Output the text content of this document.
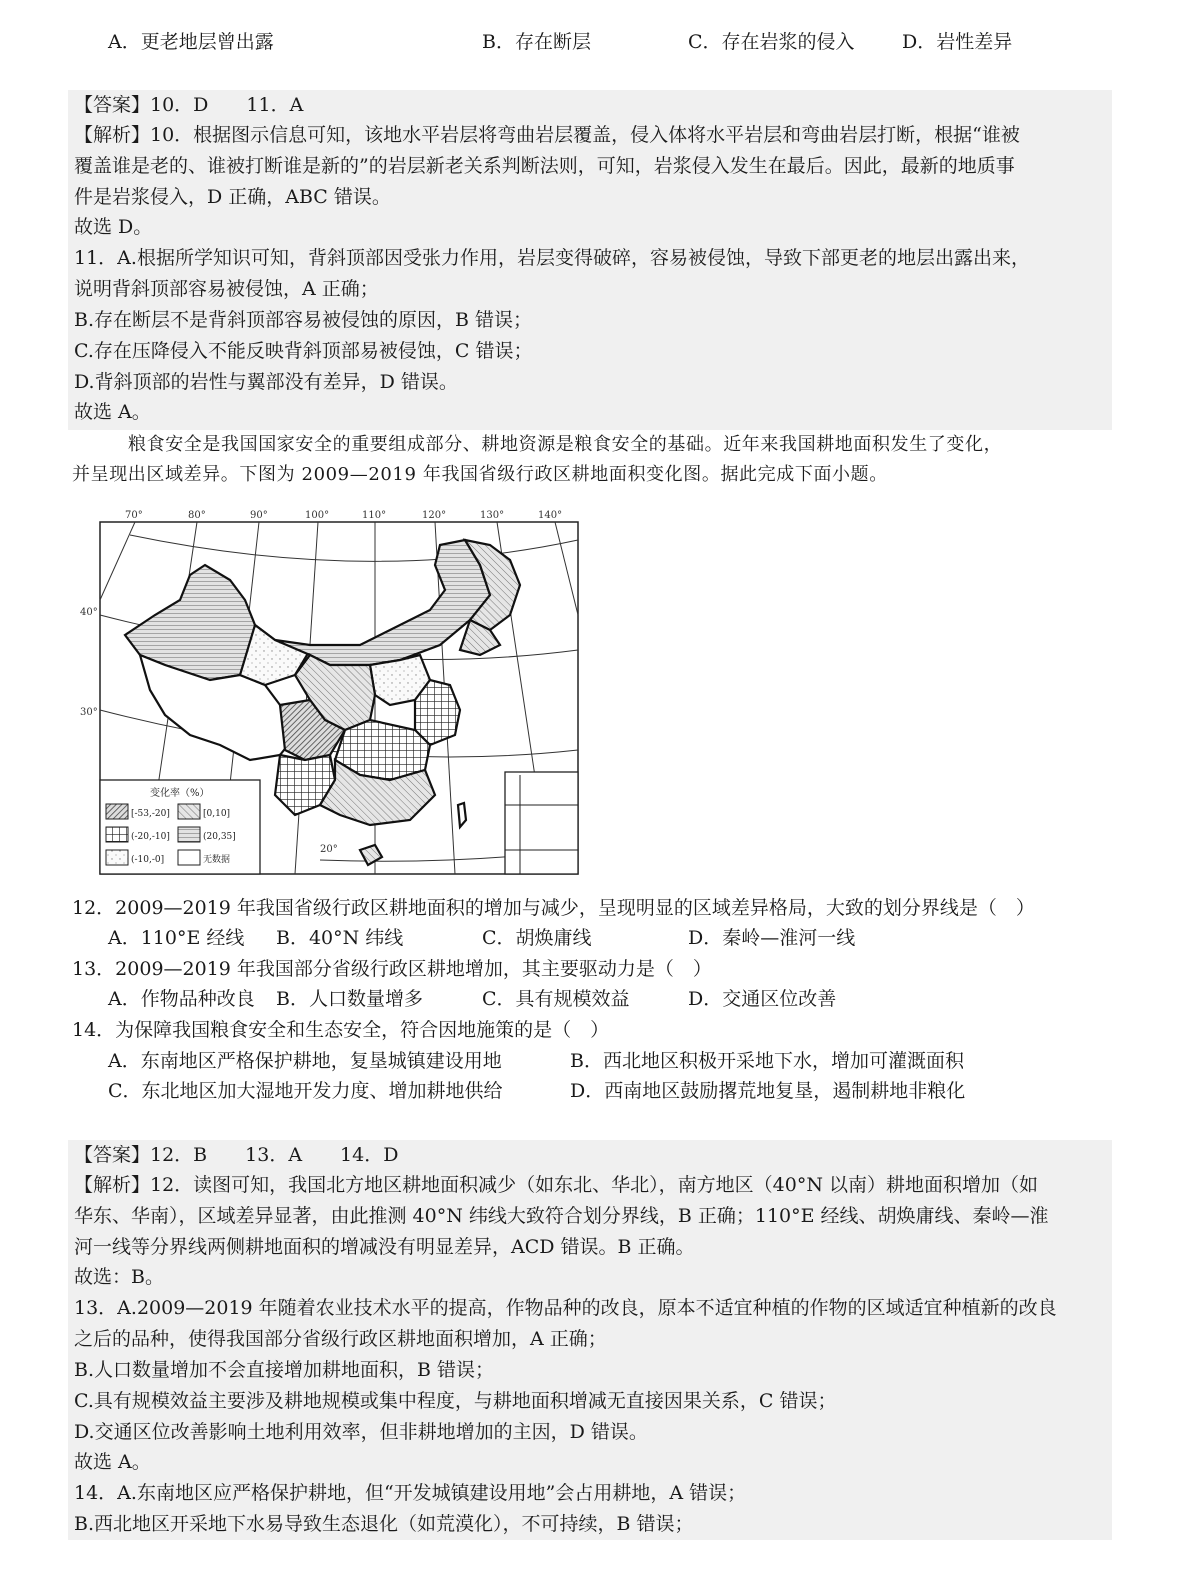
A．更老地层曾出露	B．存在断层	C．存在岩浆的侵入 D．岩性差异
【答案】10．D　　11．A
【解析】10．根据图示信息可知，该地水平岩层将弯曲岩层覆盖，侵入体将水平岩层和弯曲岩层打断，根据“谁被
覆盖谁是老的、谁被打断谁是新的”的岩层新老关系判断法则，可知，岩浆侵入发生在最后。因此，最新的地质事
件是岩浆侵入，D 正确，ABC 错误。
故选 D。
11．A.根据所学知识可知，背斜顶部因受张力作用，岩层变得破碎，容易被侵蚀，导致下部更老的地层出露出来，
说明背斜顶部容易被侵蚀，A 正确；
B.存在断层不是背斜顶部容易被侵蚀的原因，B 错误；
C.存在压降侵入不能反映背斜顶部易被侵蚀，C 错误；
D.背斜顶部的岩性与翼部没有差异，D 错误。
故选 A。
粮食安全是我国国家安全的重要组成部分、耕地资源是粮食安全的基础。近年来我国耕地面积发生了变化，
并呈现出区域差异。下图为 2009—2019 年我国省级行政区耕地面积变化图。据此完成下面小题。
70°	80°	90°	100°	110°	120°	130°	140°
40°
30°
20°
变化率（%）
[-53,-20]	[0,10]
(-20,-10]	(20,35]
(-10,-0]	无数据
12．2009—2019 年我国省级行政区耕地面积的增加与减少，呈现明显的区域差异格局，大致的划分界线是（　）
A．110°E 经线 B．40°N 纬线	C．胡焕庸线	D．秦岭—淮河一线
13．2009—2019 年我国部分省级行政区耕地增加，其主要驱动力是（　）
A．作物品种改良 B．人口数量增多	C．具有规模效益	D．交通区位改善
14．为保障我国粮食安全和生态安全，符合因地施策的是（　）
A．东南地区严格保护耕地，复垦城镇建设用地	B．西北地区积极开采地下水，增加可灌溉面积
C．东北地区加大湿地开发力度、增加耕地供给	D．西南地区鼓励撂荒地复垦，遏制耕地非粮化
【答案】12．B　　13．A　　14．D
【解析】12．读图可知，我国北方地区耕地面积减少（如东北、华北），南方地区（40°N 以南）耕地面积增加（如
华东、华南），区域差异显著，由此推测 40°N 纬线大致符合划分界线，B 正确；110°E 经线、胡焕庸线、秦岭—淮
河一线等分界线两侧耕地面积的增减没有明显差异，ACD 错误。B 正确。
故选：B。
13．A.2009—2019 年随着农业技术水平的提高，作物品种的改良，原本不适宜种植的作物的区域适宜种植新的改良
之后的品种，使得我国部分省级行政区耕地面积增加，A 正确；
B.人口数量增加不会直接增加耕地面积，B 错误；
C.具有规模效益主要涉及耕地规模或集中程度，与耕地面积增减无直接因果关系，C 错误；
D.交通区位改善影响土地利用效率，但非耕地增加的主因，D 错误。
故选 A。
14．A.东南地区应严格保护耕地，但“开发城镇建设用地”会占用耕地，A 错误；
B.西北地区开采地下水易导致生态退化（如荒漠化），不可持续，B 错误；
